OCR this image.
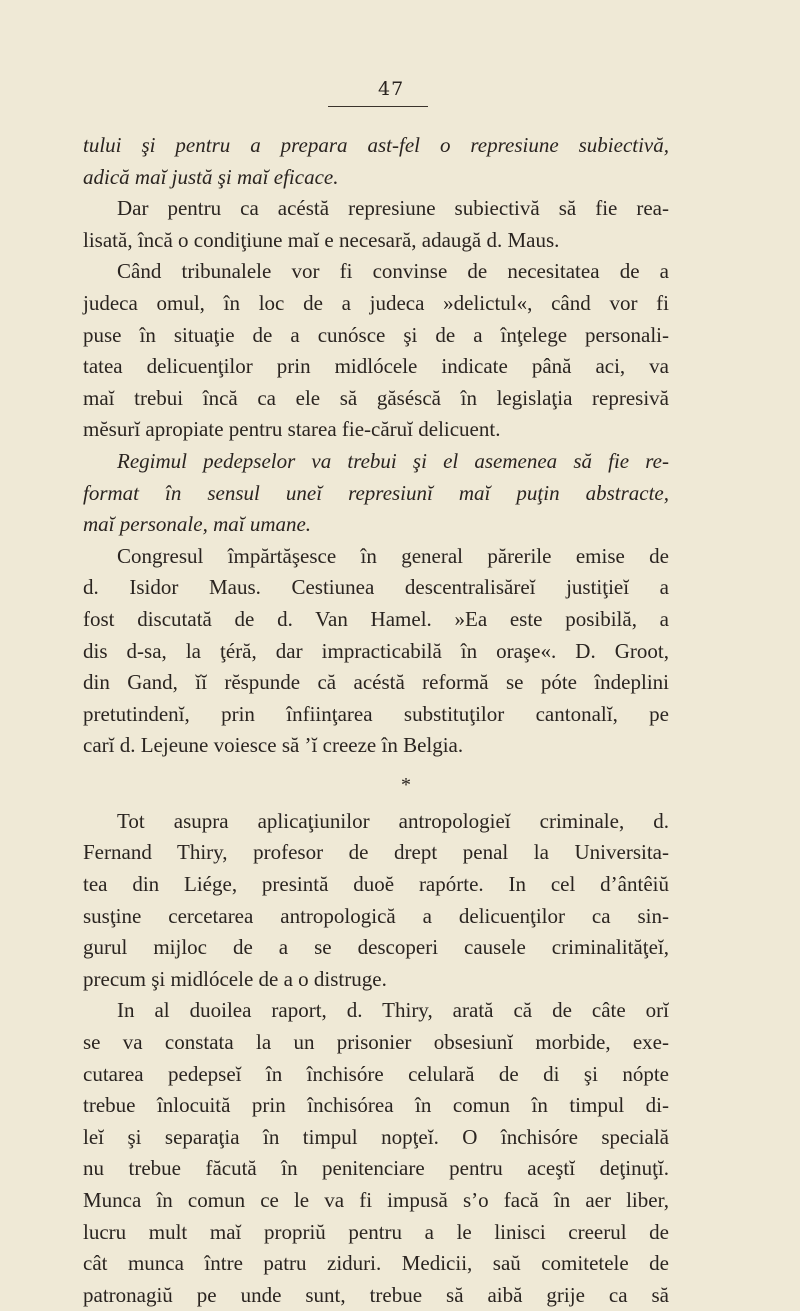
47

tului şi pentru a prepara ast-fel o represiune subiectivă,
adică maĭ justă şi maĭ eficace.

Dar pentru ca acéstă represiune subiectivă să fie rea-
lisată, încă o condiţiune maĭ e necesară, adaugă d. Maus.

Când tribunalele vor fi convinse de necesitatea de a
judeca omul, în loc de a judeca »delictul«, când vor fi
puse în situaţie de a cunósce şi de a înţelege personali-
tatea delicuenţilor prin midlócele indicate până aci, va
maĭ trebui încă ca ele să găséscă în legislaţia represivă
mĕsurĭ apropiate pentru starea fie-căruĭ delicuent.

Regimul pedepselor va trebui şi el asemenea să fie re-
format în sensul uneĭ represiunĭ maĭ puţin abstracte,
maĭ personale, maĭ umane.

Congresul împărtăşesce în general părerile emise de
d. Isidor Maus. Cestiunea descentralisăreĭ justiţieĭ a
fost discutată de d. Van Hamel. »Ea este posibilă, a
dis d-sa, la ţéră, dar impracticabilă în oraşe«. D. Groot,
din Gand, ĭĭ rĕspunde că acéstă reformă se póte îndeplini
pretutindenĭ, prin înfiinţarea substituţilor cantonalĭ, pe
carĭ d. Lejeune voiesce să ’ĭ creeze în Belgia.

*

Tot asupra aplicaţiunilor antropologieĭ criminale, d.
Fernand Thiry, profesor de drept penal la Universita-
tea din Liége, presintă duoĕ rapórte. In cel d’ântêiŭ
susţine cercetarea antropologică a delicuenţilor ca sin-
gurul mijloc de a se descoperi causele criminalităţeĭ,
precum şi midlócele de a o distruge.

In al duoilea raport, d. Thiry, arată că de câte orĭ
se va constata la un prisonier obsesiunĭ morbide, exe-
cutarea pedepseĭ în închisóre celulară de di şi nópte
trebue înlocuită prin închisórea în comun în timpul di-
leĭ şi separaţia în timpul nopţeĭ. O închisóre specială
nu trebue făcută în penitenciare pentru aceştĭ deţinuţĭ.
Munca în comun ce le va fi impusă s’o facă în aer liber,
lucru mult maĭ propriŭ pentru a le linisci creerul de
cât munca între patru ziduri. Medicii, saŭ comitetele de
patronagiŭ pe unde sunt, trebue să aibă grije ca să
